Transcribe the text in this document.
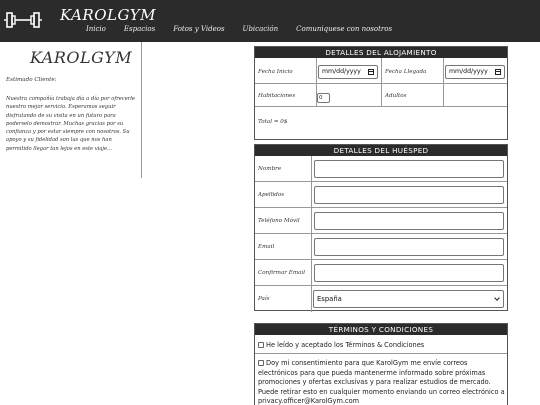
KAROLGYM
Inicio	Espacios	Fotos y Videos	Ubicación	Comuniquese con nosotros
KAROLGYM
Estimado Cliente:
Nuestra compañía trabaja día a día por ofrecerle nuestro mejor servicio. Esperamos seguir disfrutando de su visita en un futuro para poderselo demostrar. Muchas gracias por su confianza y por estar siempre con nosotros. Su apoyo y su fidelidad son las que nos han permitido llegar tan lejos en este viaje...
DETALLES DEL ALOJAMIENTO
Fecha Inicio	mm/dd/yyyy	Fecha Llegada	mm/dd/yyyy
Habitaciones	0	Adultos
Total = 0$
DETALLES DEL HUÉSPED
Nombre
Apellidos
Teléfono Móvil
Email
Confirmar Email
País	España
TÉRMINOS Y CONDICIONES
He leído y aceptado los Términos & Condiciones
Doy mi consentimiento para que KarolGym me envíe correos electrónicos para que pueda mantenerme informado sobre próximas promociones y ofertas exclusivas y para realizar estudios de mercado. Puede retirar esto en cualquier momento enviando un correo electrónico a privacy.officer@KarolGym.com
